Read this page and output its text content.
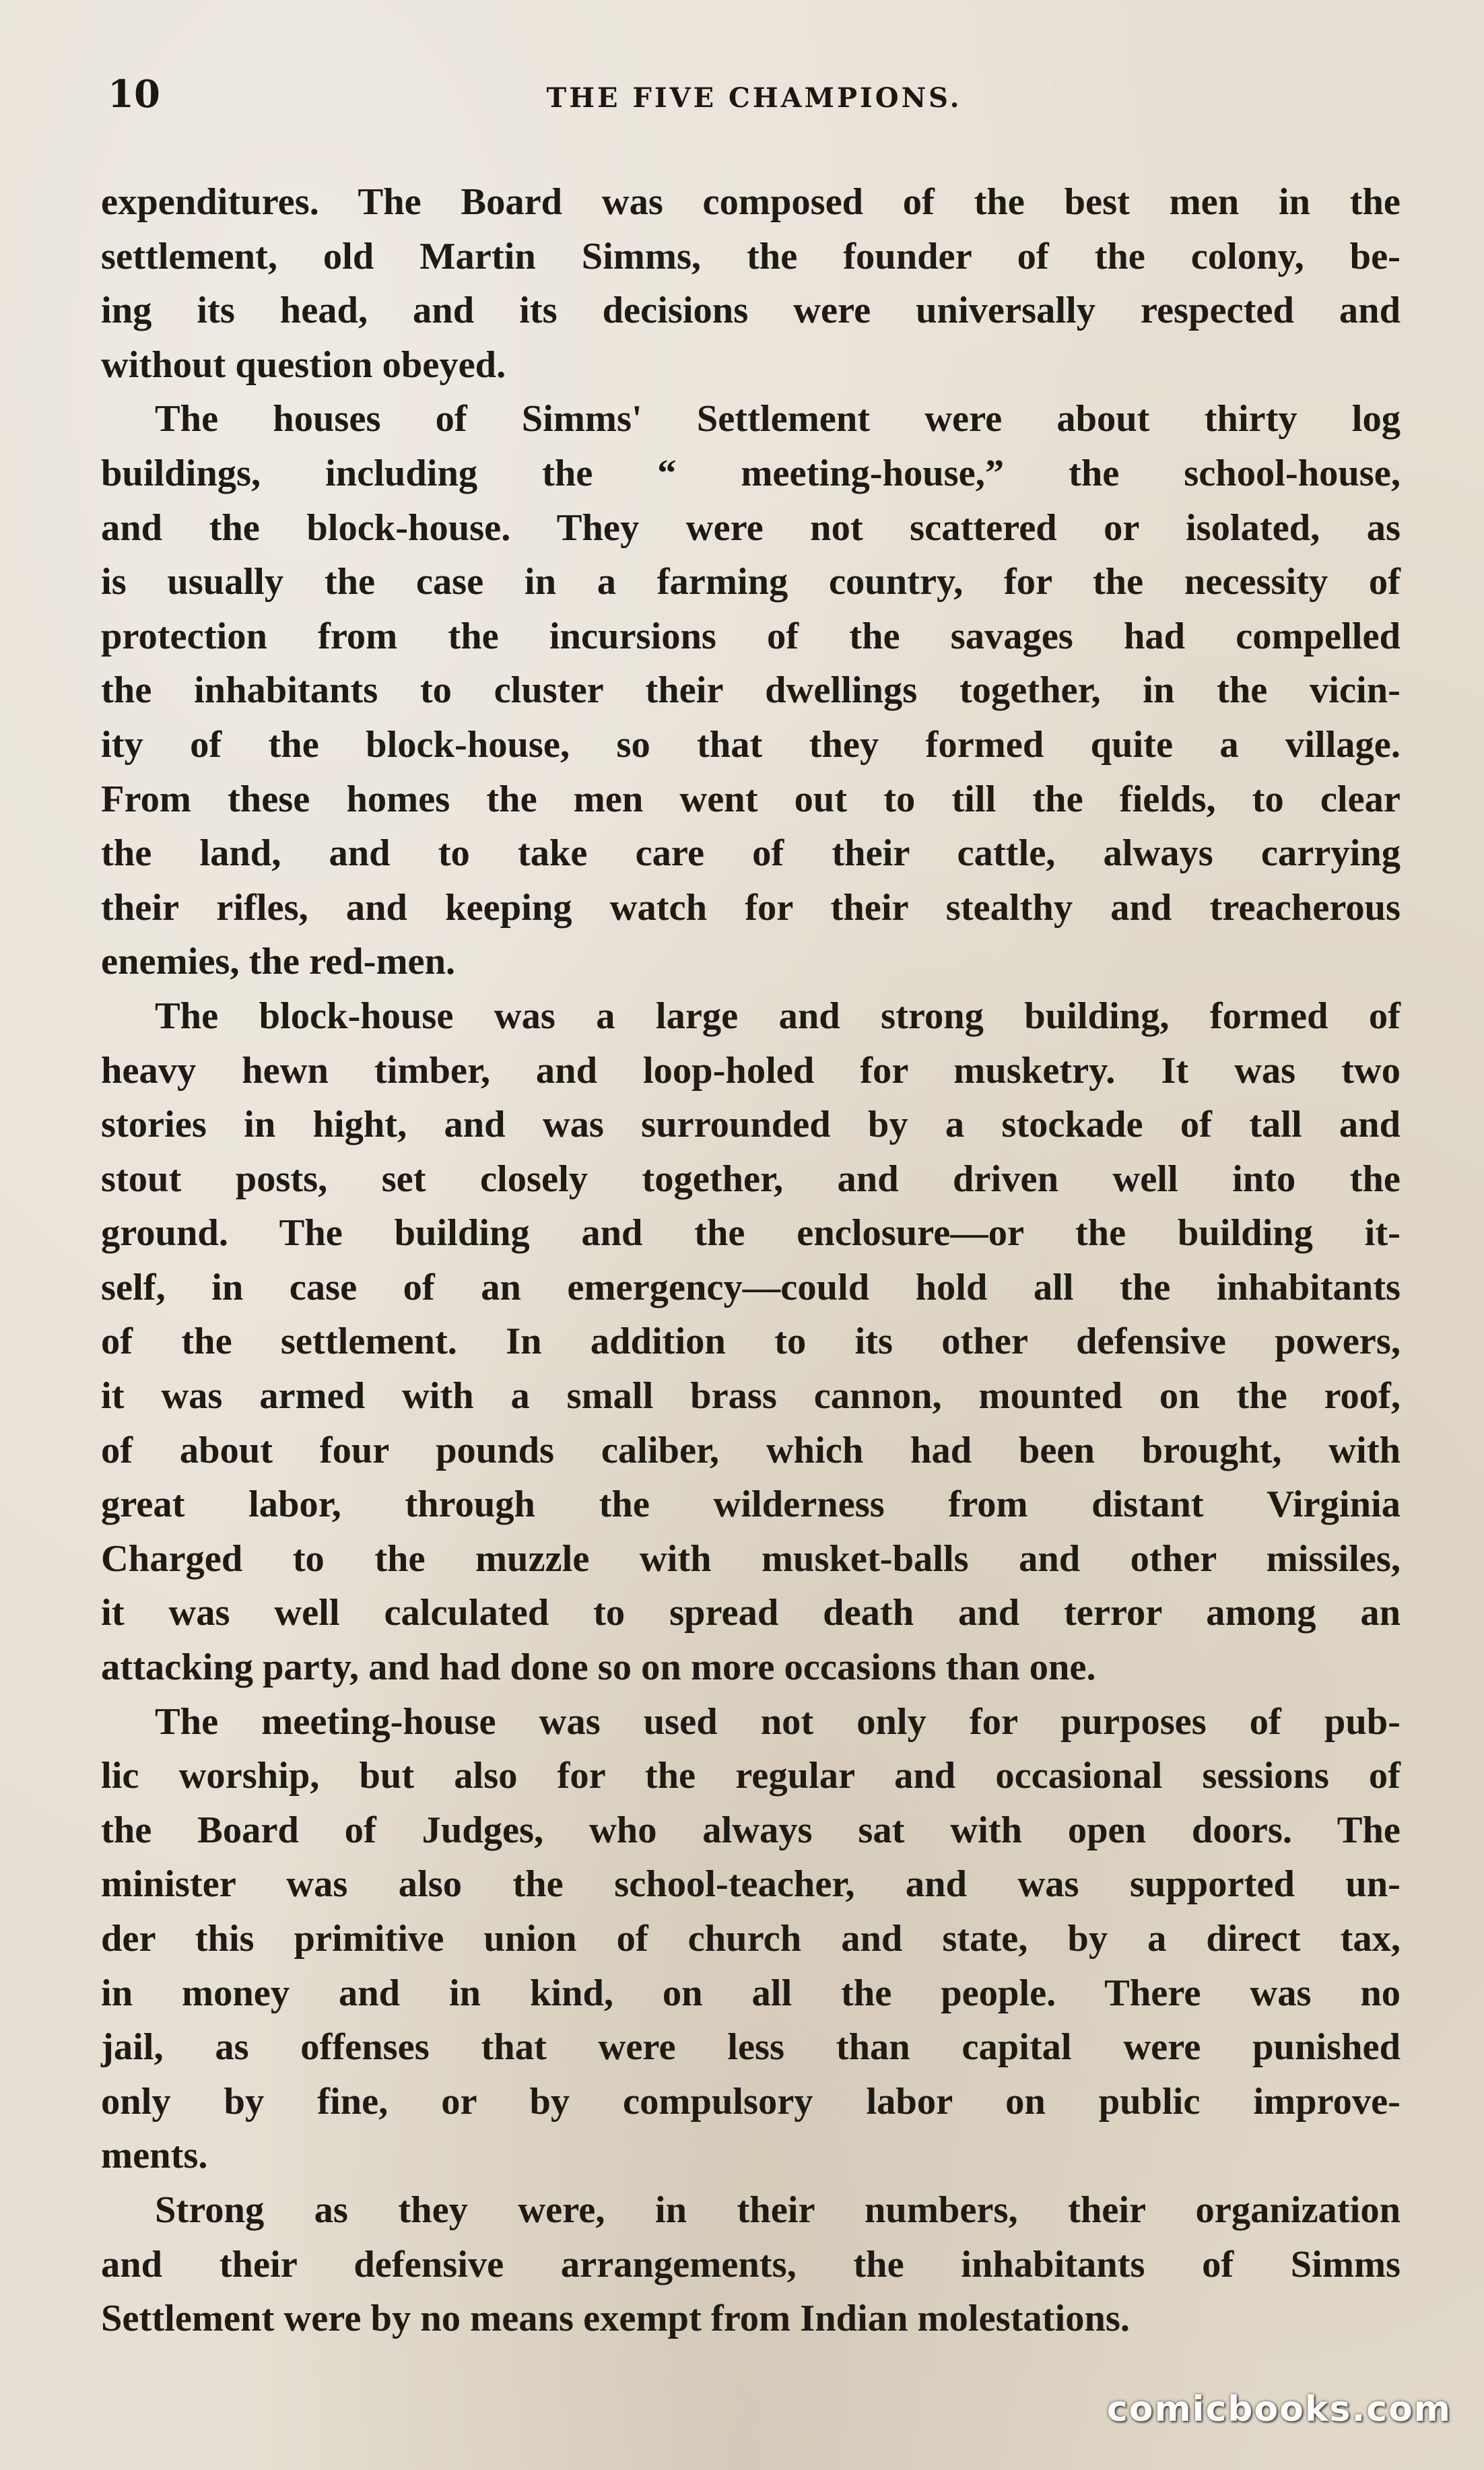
10	THE FIVE CHAMPIONS.
expenditures. The Board was composed of the best men in the
settlement, old Martin Simms, the founder of the colony, be-
ing its head, and its decisions were universally respected and
without question obeyed.
The houses of Simms' Settlement were about thirty log
buildings, including the “ meeting-house,” the school-house,
and the block-house. They were not scattered or isolated, as
is usually the case in a farming country, for the necessity of
protection from the incursions of the savages had compelled
the inhabitants to cluster their dwellings together, in the vicin-
ity of the block-house, so that they formed quite a village.
From these homes the men went out to till the fields, to clear
the land, and to take care of their cattle, always carrying
their rifles, and keeping watch for their stealthy and treacherous
enemies, the red-men.
The block-house was a large and strong building, formed of
heavy hewn timber, and loop-holed for musketry. It was two
stories in hight, and was surrounded by a stockade of tall and
stout posts, set closely together, and driven well into the
ground. The building and the enclosure—or the building it-
self, in case of an emergency—could hold all the inhabitants
of the settlement. In addition to its other defensive powers,
it was armed with a small brass cannon, mounted on the roof,
of about four pounds caliber, which had been brought, with
great labor, through the wilderness from distant Virginia
Charged to the muzzle with musket-balls and other missiles,
it was well calculated to spread death and terror among an
attacking party, and had done so on more occasions than one.
The meeting-house was used not only for purposes of pub-
lic worship, but also for the regular and occasional sessions of
the Board of Judges, who always sat with open doors. The
minister was also the school-teacher, and was supported un-
der this primitive union of church and state, by a direct tax,
in money and in kind, on all the people. There was no
jail, as offenses that were less than capital were punished
only by fine, or by compulsory labor on public improve-
ments.
Strong as they were, in their numbers, their organization
and their defensive arrangements, the inhabitants of Simms
Settlement were by no means exempt from Indian molestations.
comicbooks.com
